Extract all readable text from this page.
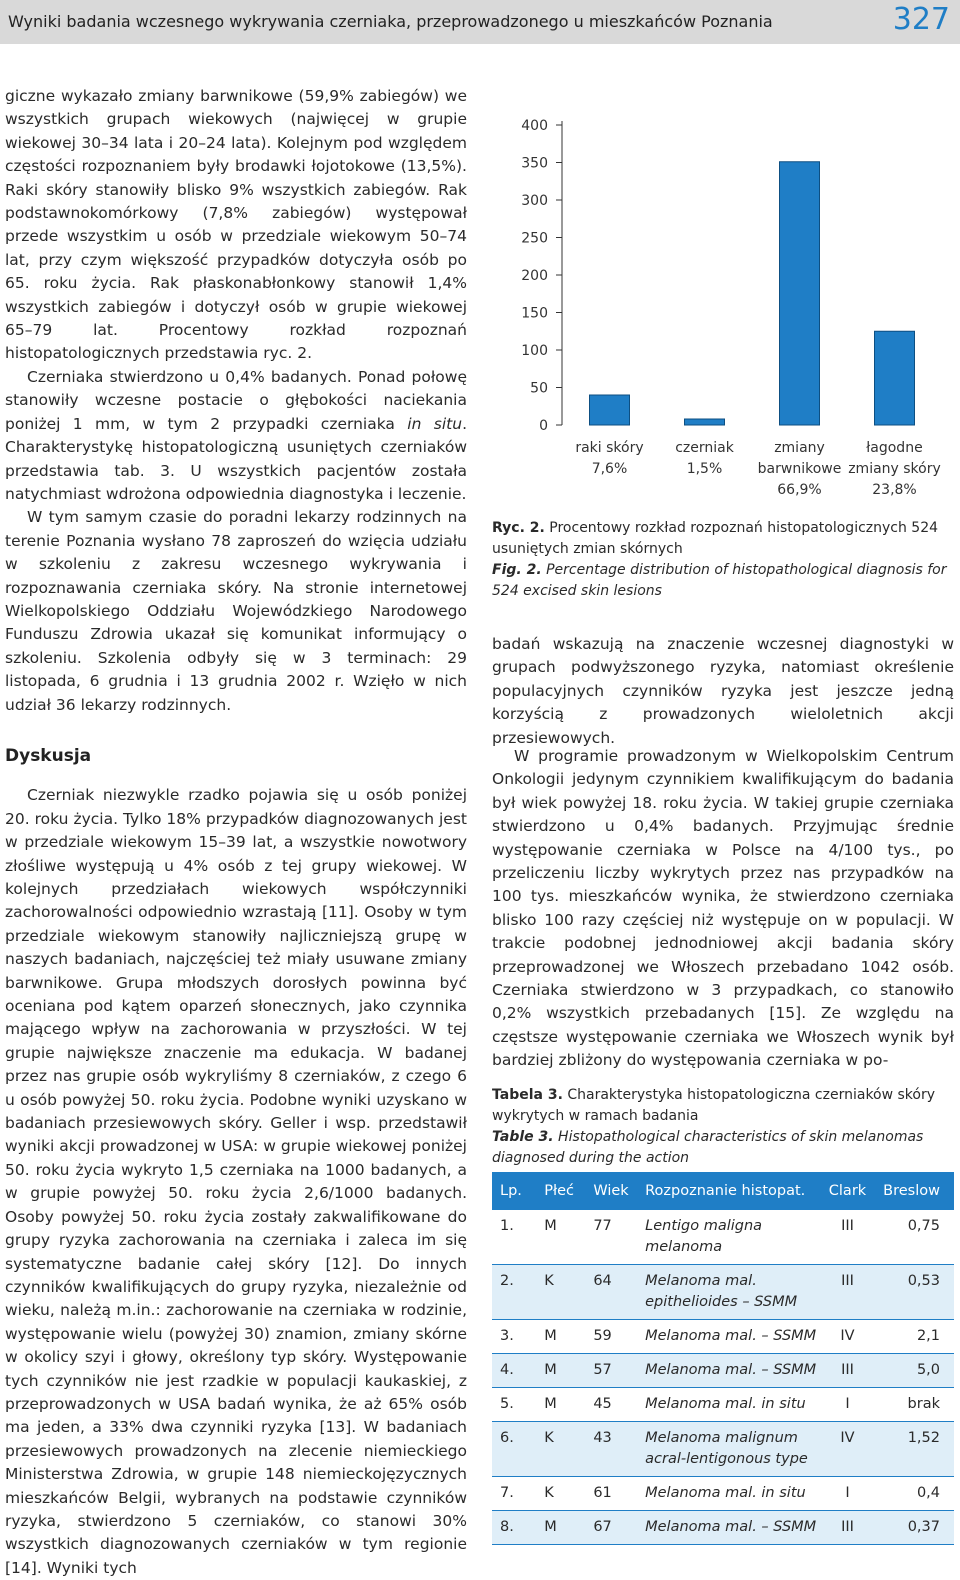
Wyniki badania wczesnego wykrywania czerniaka, przeprowadzonego u mieszkańców Poznania	327

giczne wykazało zmiany barwnikowe (59,9% zabiegów) we wszystkich grupach wiekowych (najwięcej w grupie wiekowej 30–34 lata i 20–24 lata). Kolejnym pod względem częstości rozpoznaniem były brodawki łojotokowe (13,5%). Raki skóry stanowiły blisko 9% wszystkich zabiegów. Rak podstawnokomórkowy (7,8% zabiegów) występował przede wszystkim u osób w przedziale wiekowym 50–74 lat, przy czym większość przypadków dotyczyła osób po 65. roku życia. Rak płaskonabłonkowy stanowił 1,4% wszystkich zabiegów i dotyczył osób w grupie wiekowej 65–79 lat. Procentowy rozkład rozpoznań histopatologicznych przedstawia ryc. 2.

Czerniaka stwierdzono u 0,4% badanych. Ponad połowę stanowiły wczesne postacie o głębokości naciekania poniżej 1 mm, w tym 2 przypadki czerniaka in situ. Charakterystykę histopatologiczną usuniętych czerniaków przedstawia tab. 3. U wszystkich pacjentów została natychmiast wdrożona odpowiednia diagnostyka i leczenie.

W tym samym czasie do poradni lekarzy rodzinnych na terenie Poznania wysłano 78 zaproszeń do wzięcia udziału w szkoleniu z zakresu wczesnego wykrywania i rozpoznawania czerniaka skóry. Na stronie internetowej Wielkopolskiego Oddziału Wojewódzkiego Narodowego Funduszu Zdrowia ukazał się komunikat informujący o szkoleniu. Szkolenia odbyły się w 3 terminach: 29 listopada, 6 grudnia i 13 grudnia 2002 r. Wzięło w nich udział 36 lekarzy rodzinnych.

Dyskusja

Czerniak niezwykle rzadko pojawia się u osób poniżej 20. roku życia. Tylko 18% przypadków diagnozowanych jest w przedziale wiekowym 15–39 lat, a wszystkie nowotwory złośliwe występują u 4% osób z tej grupy wiekowej. W kolejnych przedziałach wiekowych współczynniki zachorowalności odpowiednio wzrastają [11]. Osoby w tym przedziale wiekowym stanowiły najliczniejszą grupę w naszych badaniach, najczęściej też miały usuwane zmiany barwnikowe. Grupa młodszych dorosłych powinna być oceniana pod kątem oparzeń słonecznych, jako czynnika mającego wpływ na zachorowania w przyszłości. W tej grupie największe znaczenie ma edukacja. W badanej przez nas grupie osób wykryliśmy 8 czerniaków, z czego 6 u osób powyżej 50. roku życia. Podobne wyniki uzyskano w badaniach przesiewowych skóry. Geller i wsp. przedstawił wyniki akcji prowadzonej w USA: w grupie wiekowej poniżej 50. roku życia wykryto 1,5 czerniaka na 1000 badanych, a w grupie powyżej 50. roku życia 2,6/1000 badanych. Osoby powyżej 50. roku życia zostały zakwalifikowane do grupy ryzyka zachorowania na czerniaka i zaleca im się systematyczne badanie całej skóry [12]. Do innych czynników kwalifikujących do grupy ryzyka, niezależnie od wieku, należą m.in.: zachorowanie na czerniaka w rodzinie, występowanie wielu (powyżej 30) znamion, zmiany skórne w okolicy szyi i głowy, określony typ skóry. Występowanie tych czynników nie jest rzadkie w populacji kaukaskiej, z przeprowadzonych w USA badań wynika, że aż 65% osób ma jeden, a 33% dwa czynniki ryzyka [13]. W badaniach przesiewowych prowadzonych na zlecenie niemieckiego Ministerstwa Zdrowia, w grupie 148 niemieckojęzycznych mieszkańców Belgii, wybranych na podstawie czynników ryzyka, stwierdzono 5 czerniaków, co stanowi 30% wszystkich diagnozowanych czerniaków w tym regionie [14]. Wyniki tych

0
50
100
150
200
250
300
350
400
raki skóry
7,6%
czerniak
1,5%
zmiany
barwnikowe
66,9%
łagodne
zmiany skóry
23,8%
Ryc. 2. Procentowy rozkład rozpoznań histopatologicznych 524 usuniętych zmian skórnych
Fig. 2. Percentage distribution of histopathological diagnosis for 524 excised skin lesions

badań wskazują na znaczenie wczesnej diagnostyki w grupach podwyższonego ryzyka, natomiast określenie populacyjnych czynników ryzyka jest jeszcze jedną korzyścią z prowadzonych wieloletnich akcji przesiewowych.

W programie prowadzonym w Wielkopolskim Centrum Onkologii jedynym czynnikiem kwalifikującym do badania był wiek powyżej 18. roku życia. W takiej grupie czerniaka stwierdzono u 0,4% badanych. Przyjmując średnie występowanie czerniaka w Polsce na 4/100 tys., po przeliczeniu liczby wykrytych przez nas przypadków na 100 tys. mieszkańców wynika, że stwierdzono czerniaka blisko 100 razy częściej niż występuje on w populacji. W trakcie podobnej jednodniowej akcji badania skóry przeprowadzonej we Włoszech przebadano 1042 osób. Czerniaka stwierdzono w 3 przypadkach, co stanowiło 0,2% wszystkich przebadanych [15]. Ze względu na częstsze występowanie czerniaka we Włoszech wynik był bardziej zbliżony do występowania czerniaka w po-

Tabela 3. Charakterystyka histopatologiczna czerniaków skóry wykrytych w ramach badania
Table 3. Histopathological characteristics of skin melanomas diagnosed during the action
Lp.	Płeć	Wiek	Rozpoznanie histopat.	Clark	Breslow
1.	M	77	Lentigo maligna melanoma	III	0,75
2.	K	64	Melanoma mal. epithelioides – SSMM	III	0,53
3.	M	59	Melanoma mal. – SSMM	IV	2,1
4.	M	57	Melanoma mal. – SSMM	III	5,0
5.	M	45	Melanoma mal. in situ	I	brak
6.	K	43	Melanoma malignum acral-lentigonous type	IV	1,52
7.	K	61	Melanoma mal. in situ	I	0,4
8.	M	67	Melanoma mal. – SSMM	III	0,37
